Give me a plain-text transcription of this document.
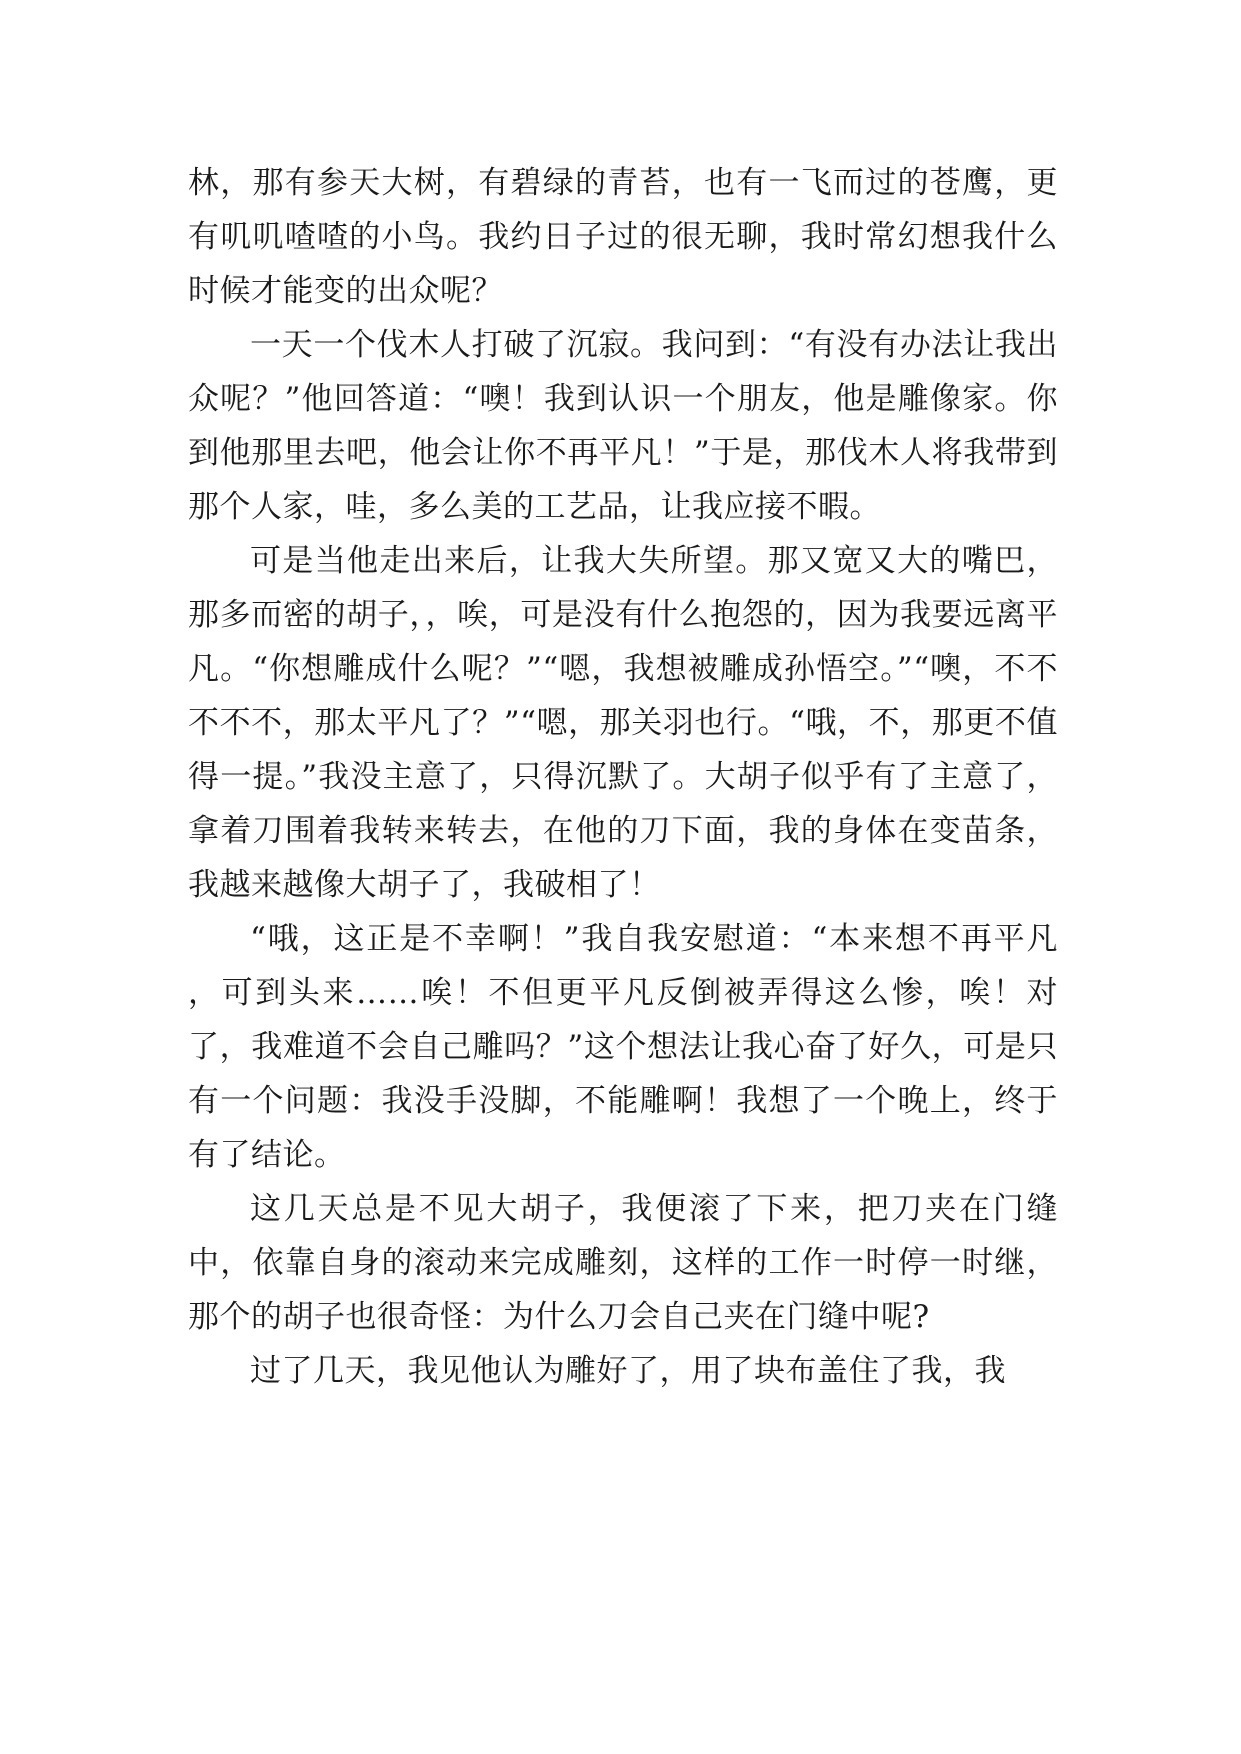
林，那有参天大树，有碧绿的青苔，也有一飞而过的苍鹰，更有叽叽喳喳的小鸟。我约日子过的很无聊，我时常幻想我什么时候才能变的出众呢？

一天一个伐木人打破了沉寂。我问到：“有没有办法让我出众呢？”他回答道：“噢！我到认识一个朋友，他是雕像家。你到他那里去吧，他会让你不再平凡！”于是，那伐木人将我带到那个人家，哇，多么美的工艺品，让我应接不暇。

可是当他走出来后，让我大失所望。那又宽又大的嘴巴，那多而密的胡子，，唉，可是没有什么抱怨的，因为我要远离平凡。“你想雕成什么呢？”“嗯，我想被雕成孙悟空。”“噢，不不不不不，那太平凡了？”“嗯，那关羽也行。“哦，不，那更不值得一提。”我没主意了，只得沉默了。大胡子似乎有了主意了，拿着刀围着我转来转去，在他的刀下面，我的身体在变苗条，我越来越像大胡子了，我破相了！

“哦，这正是不幸啊！”我自我安慰道：“本来想不再平凡 ，可到头来……唉！不但更平凡反倒被弄得这么惨，唉！对了，我难道不会自己雕吗？”这个想法让我心奋了好久，可是只有一个问题：我没手没脚，不能雕啊！我想了一个晚上，终于有了结论。

这几天总是不见大胡子，我便滚了下来，把刀夹在门缝中，依靠自身的滚动来完成雕刻，这样的工作一时停一时继，那个的胡子也很奇怪：为什么刀会自己夹在门缝中呢?

过了几天，我见他认为雕好了，用了块布盖住了我，我
